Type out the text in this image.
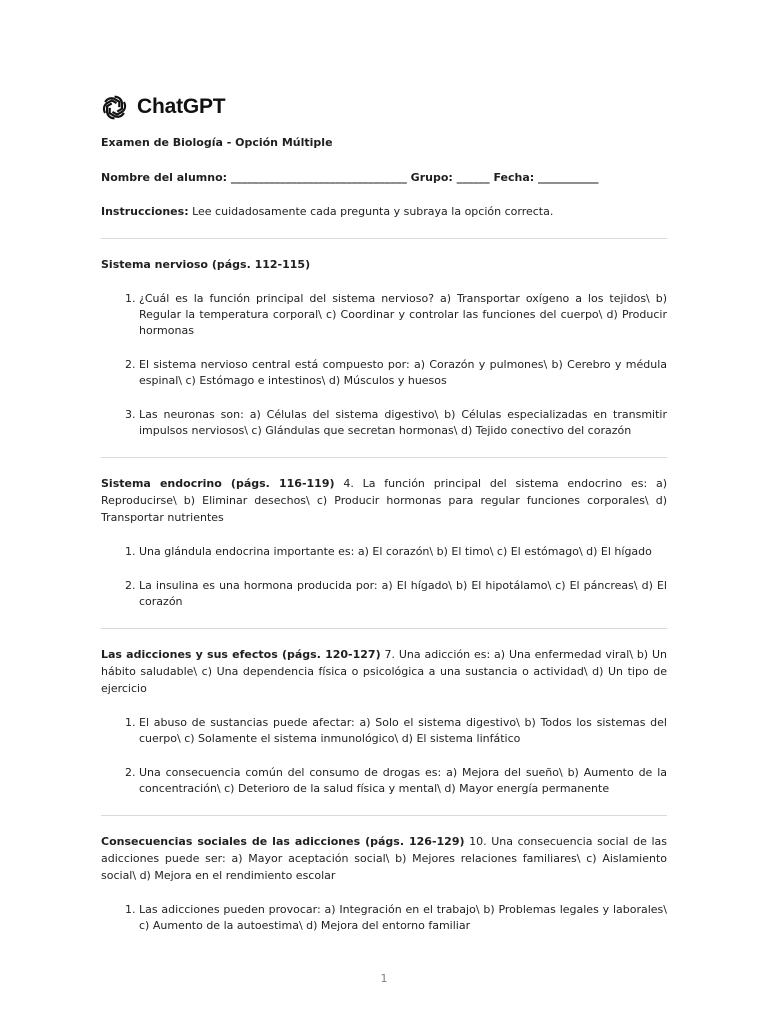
ChatGPT

Examen de Biología - Opción Múltiple

Nombre del alumno: ________________________________ Grupo: ______ Fecha: ___________

Instrucciones: Lee cuidadosamente cada pregunta y subraya la opción correcta.

Sistema nervioso (págs. 112-115)

1. ¿Cuál es la función principal del sistema nervioso? a) Transportar oxígeno a los tejidos\ b) Regular la temperatura corporal\ c) Coordinar y controlar las funciones del cuerpo\ d) Producir hormonas
2. El sistema nervioso central está compuesto por: a) Corazón y pulmones\ b) Cerebro y médula espinal\ c) Estómago e intestinos\ d) Músculos y huesos
3. Las neuronas son: a) Células del sistema digestivo\ b) Células especializadas en transmitir impulsos nerviosos\ c) Glándulas que secretan hormonas\ d) Tejido conectivo del corazón

Sistema endocrino (págs. 116-119) 4. La función principal del sistema endocrino es: a) Reproducirse\ b) Eliminar desechos\ c) Producir hormonas para regular funciones corporales\ d) Transportar nutrientes

1. Una glándula endocrina importante es: a) El corazón\ b) El timo\ c) El estómago\ d) El hígado
2. La insulina es una hormona producida por: a) El hígado\ b) El hipotálamo\ c) El páncreas\ d) El corazón

Las adicciones y sus efectos (págs. 120-127) 7. Una adicción es: a) Una enfermedad viral\ b) Un hábito saludable\ c) Una dependencia física o psicológica a una sustancia o actividad\ d) Un tipo de ejercicio

1. El abuso de sustancias puede afectar: a) Solo el sistema digestivo\ b) Todos los sistemas del cuerpo\ c) Solamente el sistema inmunológico\ d) El sistema linfático
2. Una consecuencia común del consumo de drogas es: a) Mejora del sueño\ b) Aumento de la concentración\ c) Deterioro de la salud física y mental\ d) Mayor energía permanente

Consecuencias sociales de las adicciones (págs. 126-129) 10. Una consecuencia social de las adicciones puede ser: a) Mayor aceptación social\ b) Mejores relaciones familiares\ c) Aislamiento social\ d) Mejora en el rendimiento escolar

1. Las adicciones pueden provocar: a) Integración en el trabajo\ b) Problemas legales y laborales\ c) Aumento de la autoestima\ d) Mejora del entorno familiar
1
